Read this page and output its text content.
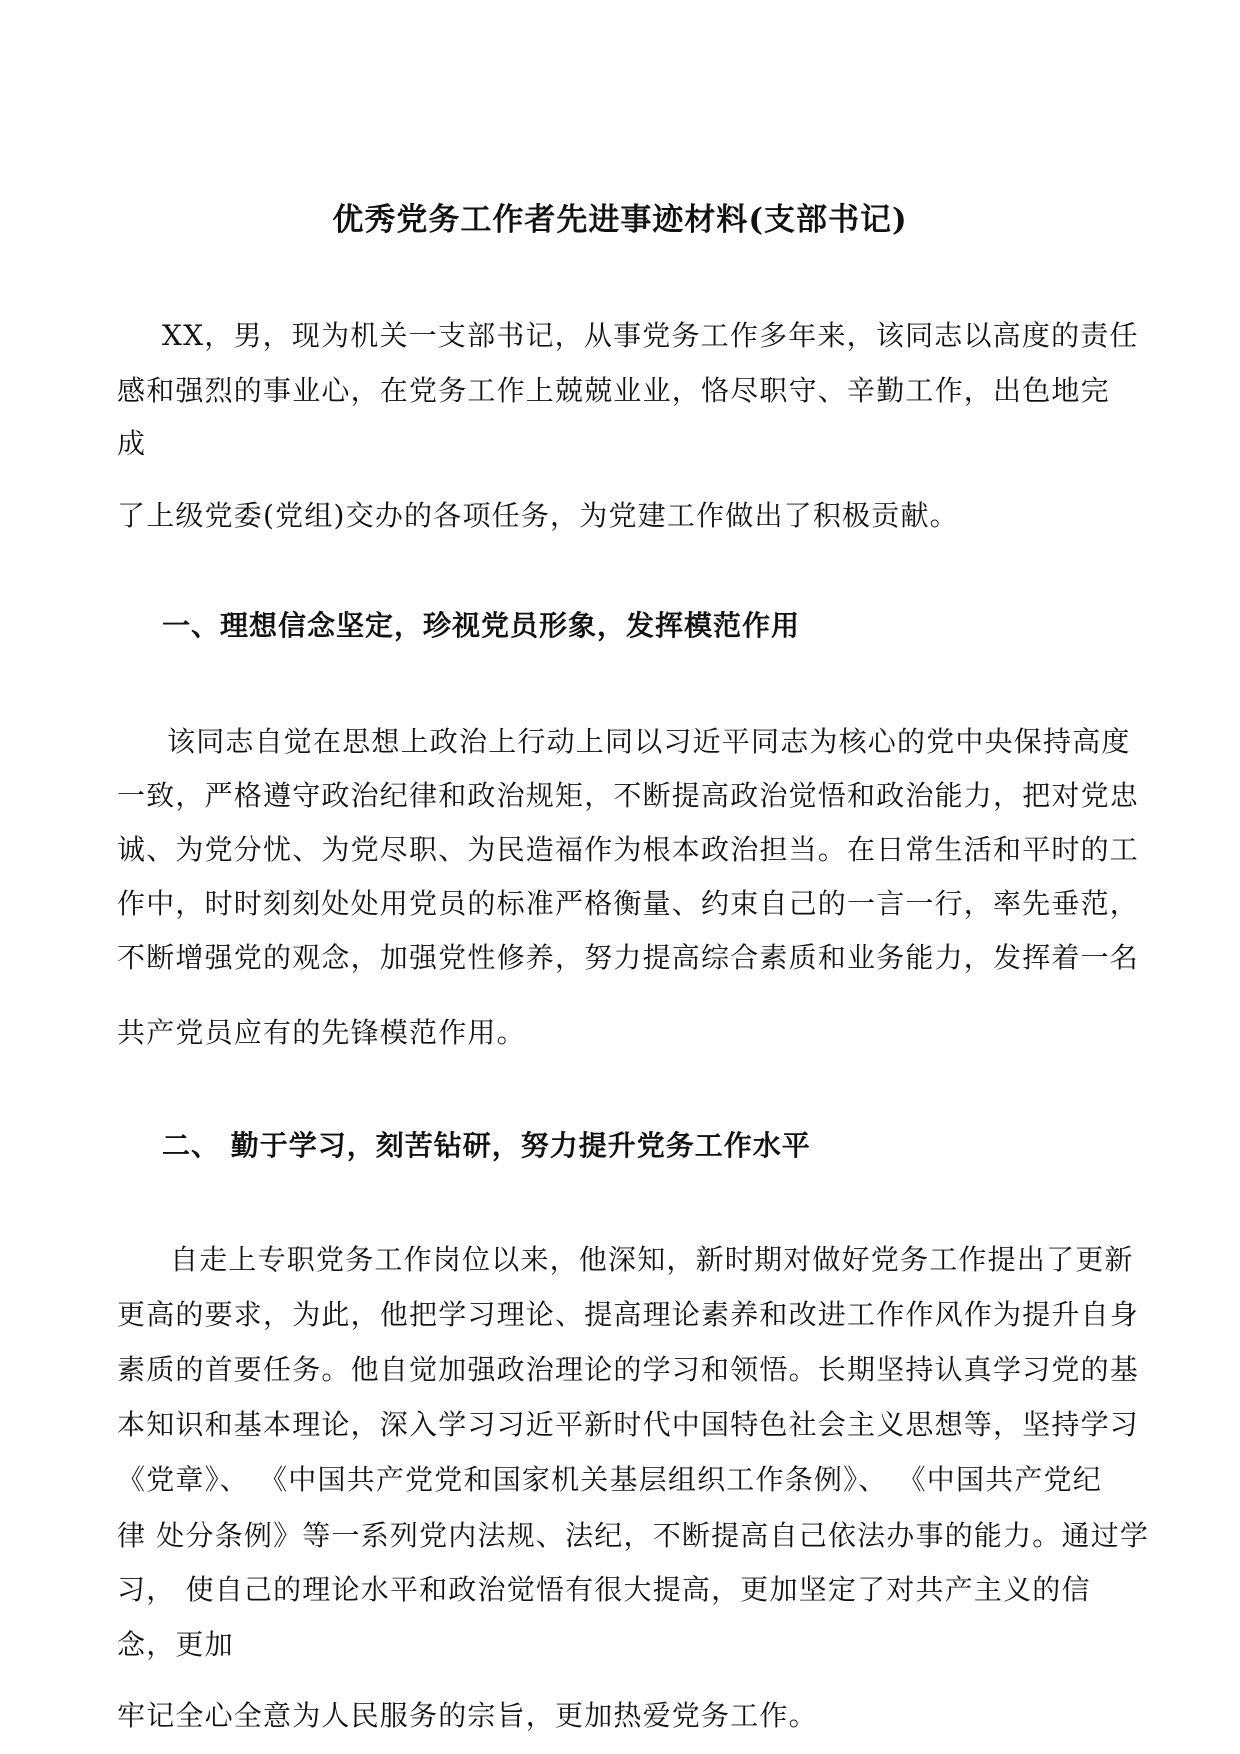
优秀党务工作者先进事迹材料(支部书记)
XX，男，现为机关一支部书记，从事党务工作多年来，该同志以高度的责任
感和强烈的事业心，在党务工作上兢兢业业，恪尽职守、辛勤工作，出色地完
成
了上级党委(党组)交办的各项任务，为党建工作做出了积极贡献。
一、理想信念坚定，珍视党员形象，发挥模范作用
该同志自觉在思想上政治上行动上同以习近平同志为核心的党中央保持高度
一致，严格遵守政治纪律和政治规矩，不断提高政治觉悟和政治能力，把对党忠
诚、为党分忧、为党尽职、为民造福作为根本政治担当。在日常生活和平时的工
作中，时时刻刻处处用党员的标准严格衡量、约束自己的一言一行，率先垂范，
不断增强党的观念，加强党性修养，努力提高综合素质和业务能力，发挥着一名
共产党员应有的先锋模范作用。
二、 勤于学习，刻苦钻研，努力提升党务工作水平
自走上专职党务工作岗位以来，他深知，新时期对做好党务工作提出了更新
更高的要求，为此，他把学习理论、提高理论素养和改进工作作风作为提升自身
素质的首要任务。他自觉加强政治理论的学习和领悟。长期坚持认真学习党的基
本知识和基本理论，深入学习习近平新时代中国特色社会主义思想等，坚持学习
《党章》、 《中国共产党党和国家机关基层组织工作条例》、 《中国共产党纪
律 处分条例》等一系列党内法规、法纪，不断提高自己依法办事的能力。通过学
习， 使自己的理论水平和政治觉悟有很大提高，更加坚定了对共产主义的信
念，更加
牢记全心全意为人民服务的宗旨，更加热爱党务工作。
